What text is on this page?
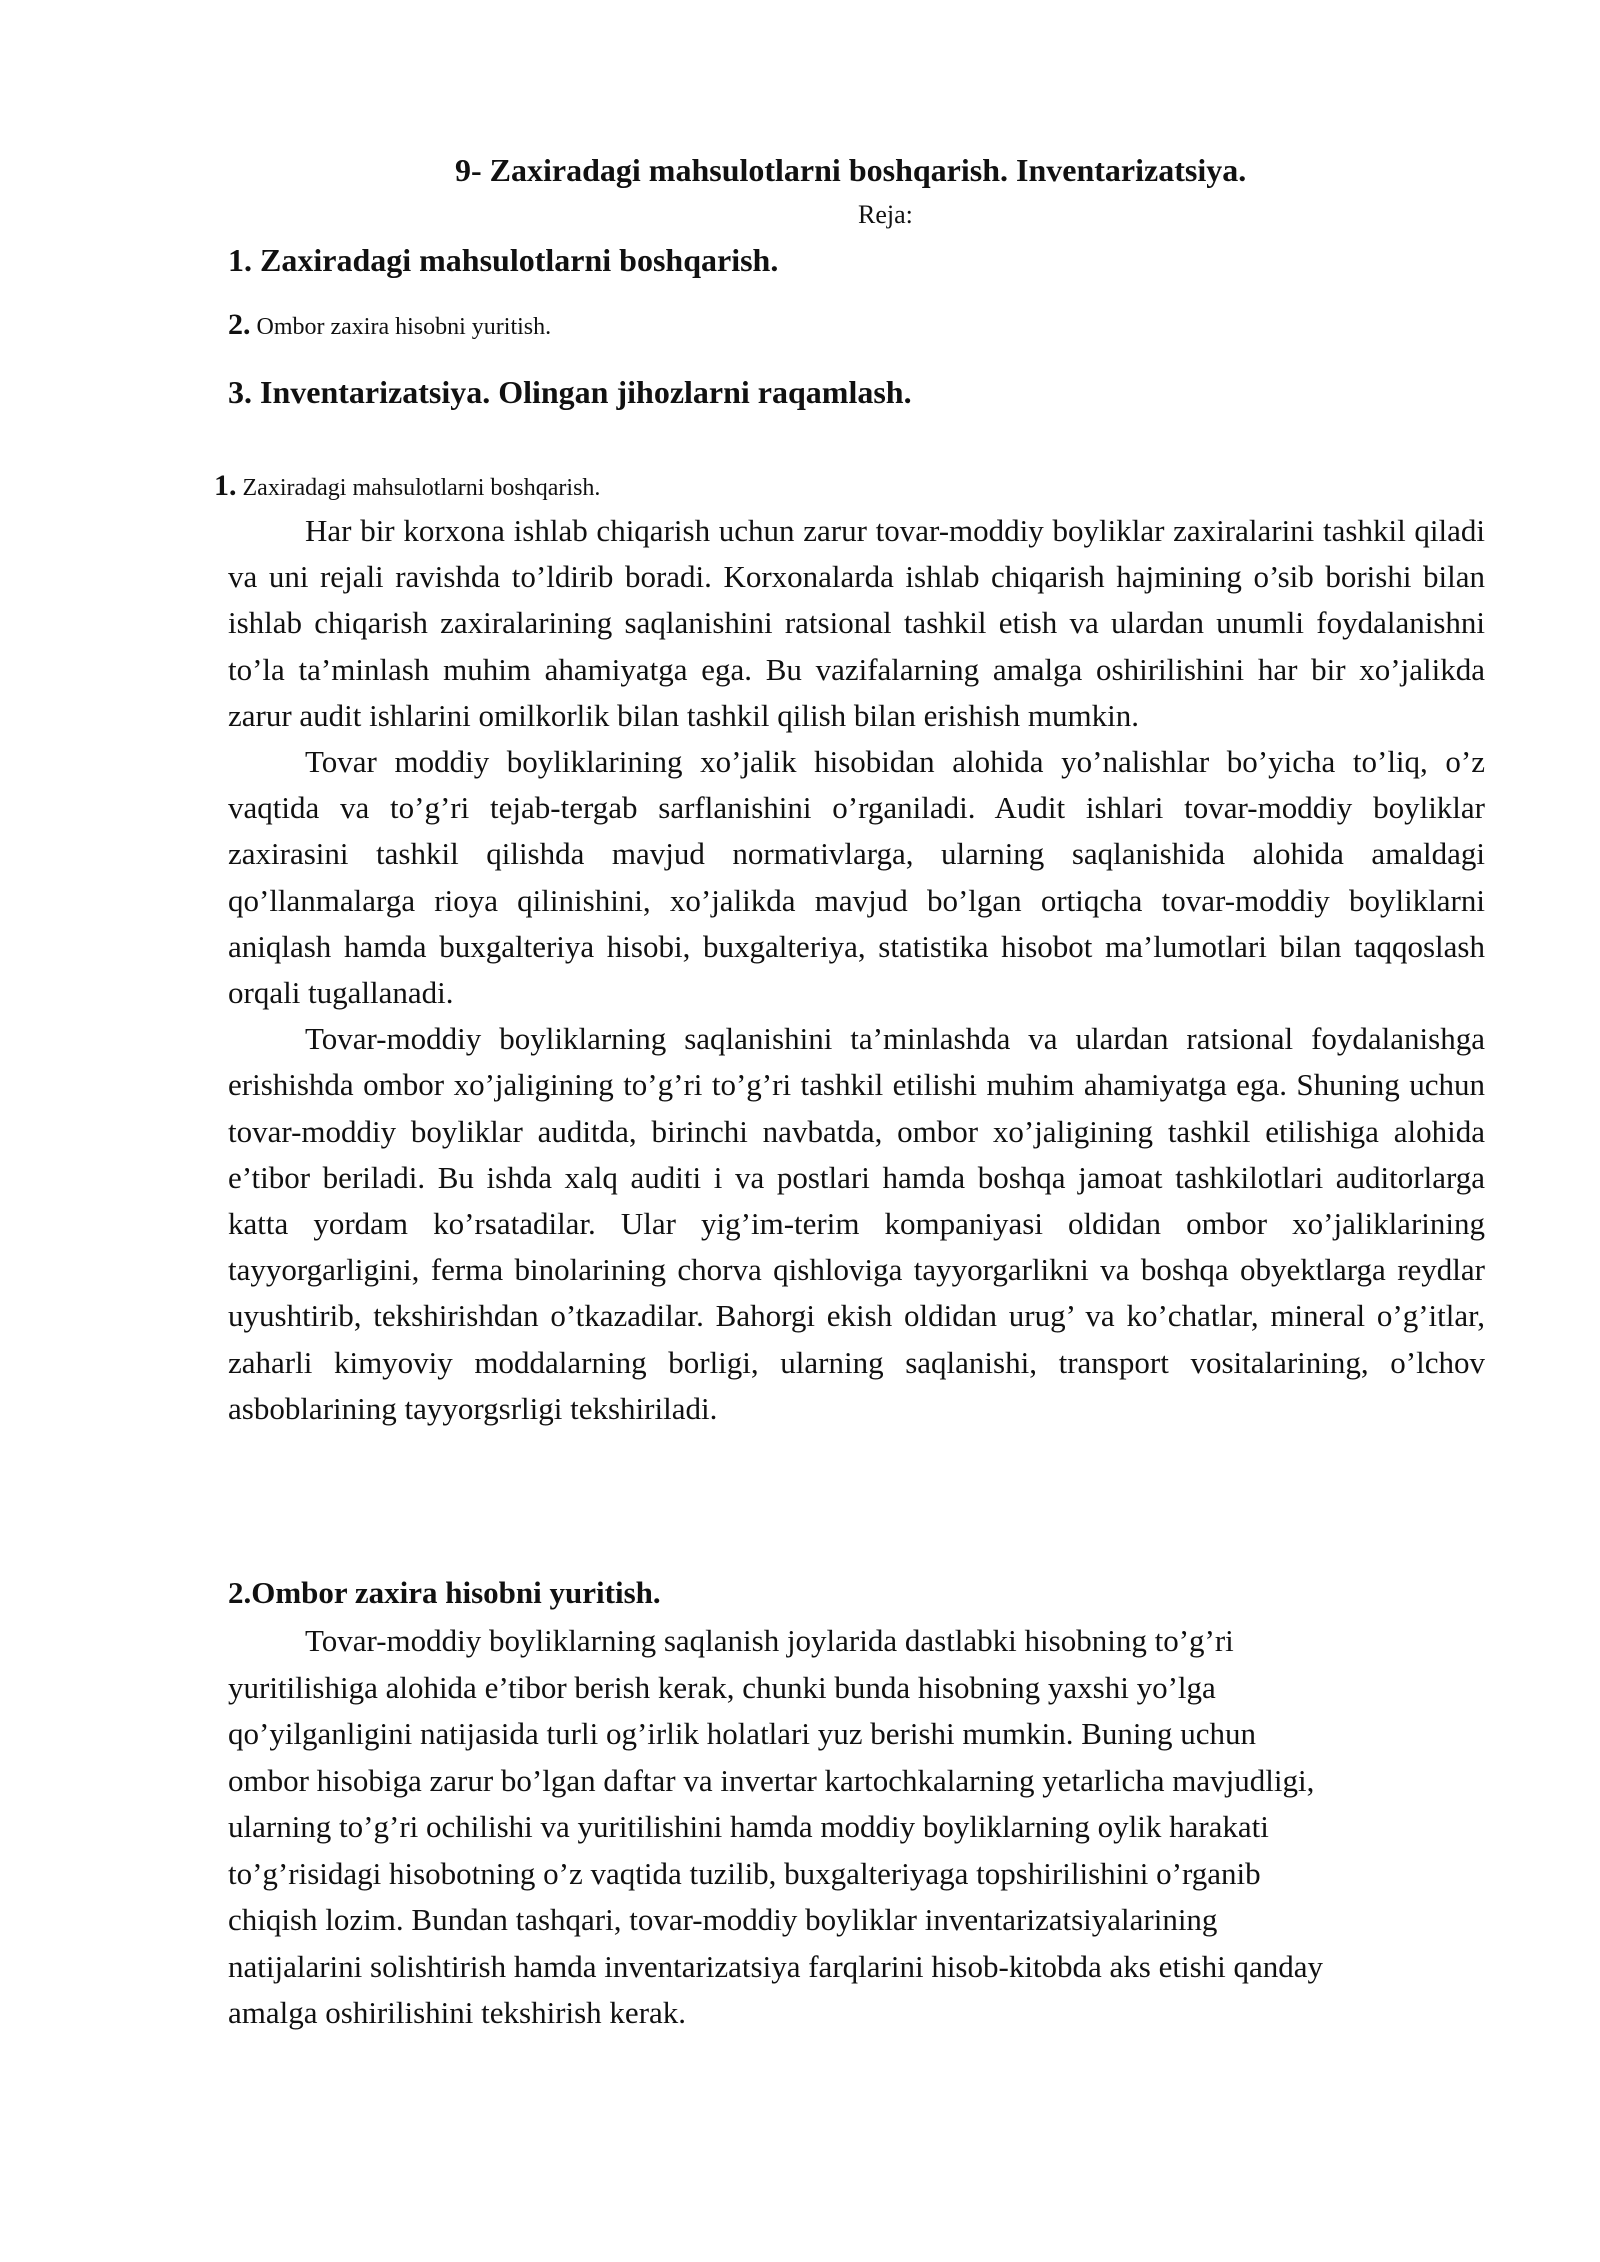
9- Zaxiradagi mahsulotlarni boshqarish. Inventarizatsiya.
Reja:
1. Zaxiradagi mahsulotlarni boshqarish.
2. Ombor zaxira hisobni yuritish.
3. Inventarizatsiya. Olingan jihozlarni raqamlash.
1. Zaxiradagi mahsulotlarni boshqarish.

Har bir korxona ishlab chiqarish uchun zarur tovar-moddiy boyliklar zaxiralarini tashkil qiladi va uni rejali ravishda to’ldirib boradi. Korxonalarda ishlab chiqarish hajmining o’sib borishi bilan ishlab chiqarish zaxiralarining saqlanishini ratsional tashkil etish va ulardan unumli foydalanishni to’la ta’minlash muhim ahamiyatga ega. Bu vazifalarning amalga oshirilishini har bir xo’jalikda zarur audit ishlarini omilkorlik bilan tashkil qilish bilan erishish mumkin.

Tovar moddiy boyliklarining xo’jalik hisobidan alohida yo’nalishlar bo’yicha to’liq, o’z vaqtida va to’g’ri tejab-tergab sarflanishini o’rganiladi. Audit ishlari tovar-moddiy boyliklar zaxirasini tashkil qilishda mavjud normativlarga, ularning saqlanishida alohida amaldagi qo’llanmalarga rioya qilinishini, xo’jalikda mavjud bo’lgan ortiqcha tovar-moddiy boyliklarni aniqlash hamda buxgalteriya hisobi, buxgalteriya, statistika hisobot ma’lumotlari bilan taqqoslash orqali tugallanadi.

Tovar-moddiy boyliklarning saqlanishini ta’minlashda va ulardan ratsional foydalanishga erishishda ombor xo’jaligining to’g’ri to’g’ri tashkil etilishi muhim ahamiyatga ega. Shuning uchun tovar-moddiy boyliklar auditda, birinchi navbatda, ombor xo’jaligining tashkil etilishiga alohida e’tibor beriladi. Bu ishda xalq auditi i va postlari hamda boshqa jamoat tashkilotlari auditorlarga katta yordam ko’rsatadilar. Ular yig’im-terim kompaniyasi oldidan ombor xo’jaliklarining tayyorgarligini, ferma binolarining chorva qishloviga tayyorgarlikni va boshqa obyektlarga reydlar uyushtirib, tekshirishdan o’tkazadilar. Bahorgi ekish oldidan urug’ va ko’chatlar, mineral o’g’itlar, zaharli kimyoviy moddalarning borligi, ularning saqlanishi, transport vositalarining, o’lchov asboblarining tayyorgsrligi tekshiriladi.

2.Ombor zaxira hisobni yuritish.
Tovar-moddiy boyliklarning saqlanish joylarida dastlabki hisobning to’g’ri
yuritilishiga alohida e’tibor berish kerak, chunki bunda hisobning yaxshi yo’lga
qo’yilganligini natijasida turli og’irlik holatlari yuz berishi mumkin. Buning uchun
ombor hisobiga zarur bo’lgan daftar va invertar kartochkalarning yetarlicha mavjudligi,
ularning to’g’ri ochilishi va yuritilishini hamda moddiy boyliklarning oylik harakati
to’g’risidagi hisobotning o’z vaqtida tuzilib, buxgalteriyaga topshirilishini o’rganib
chiqish lozim. Bundan tashqari, tovar-moddiy boyliklar inventarizatsiyalarining
natijalarini solishtirish hamda inventarizatsiya farqlarini hisob-kitobda aks etishi qanday
amalga oshirilishini tekshirish kerak.
